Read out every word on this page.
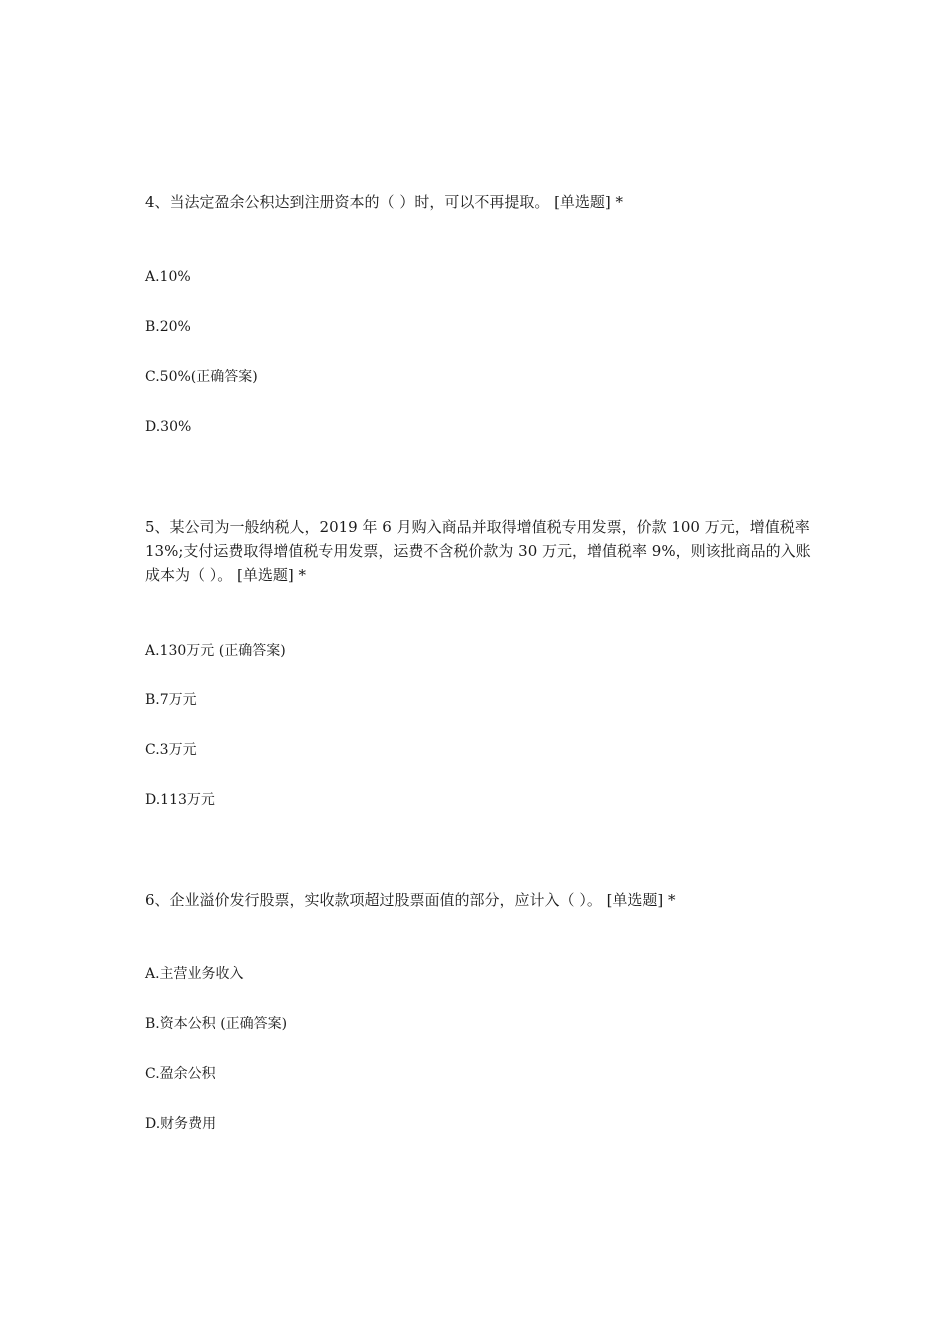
4、当法定盈余公积达到注册资本的（ ）时，可以不再提取。 [单选题] *

A.10%

B.20%

C.50%(正确答案)

D.30%

5、某公司为一般纳税人，2019 年 6 月购入商品并取得增值税专用发票，价款 100 万元，增值税率 13%;支付运费取得增值税专用发票，运费不含税价款为 30 万元，增值税率 9%，则该批商品的入账成本为（ ）。 [单选题] *

A.130万元 (正确答案)

B.7万元

C.3万元

D.113万元

6、企业溢价发行股票，实收款项超过股票面值的部分，应计入（ ）。 [单选题] *

A.主营业务收入

B.资本公积 (正确答案)

C.盈余公积

D.财务费用
